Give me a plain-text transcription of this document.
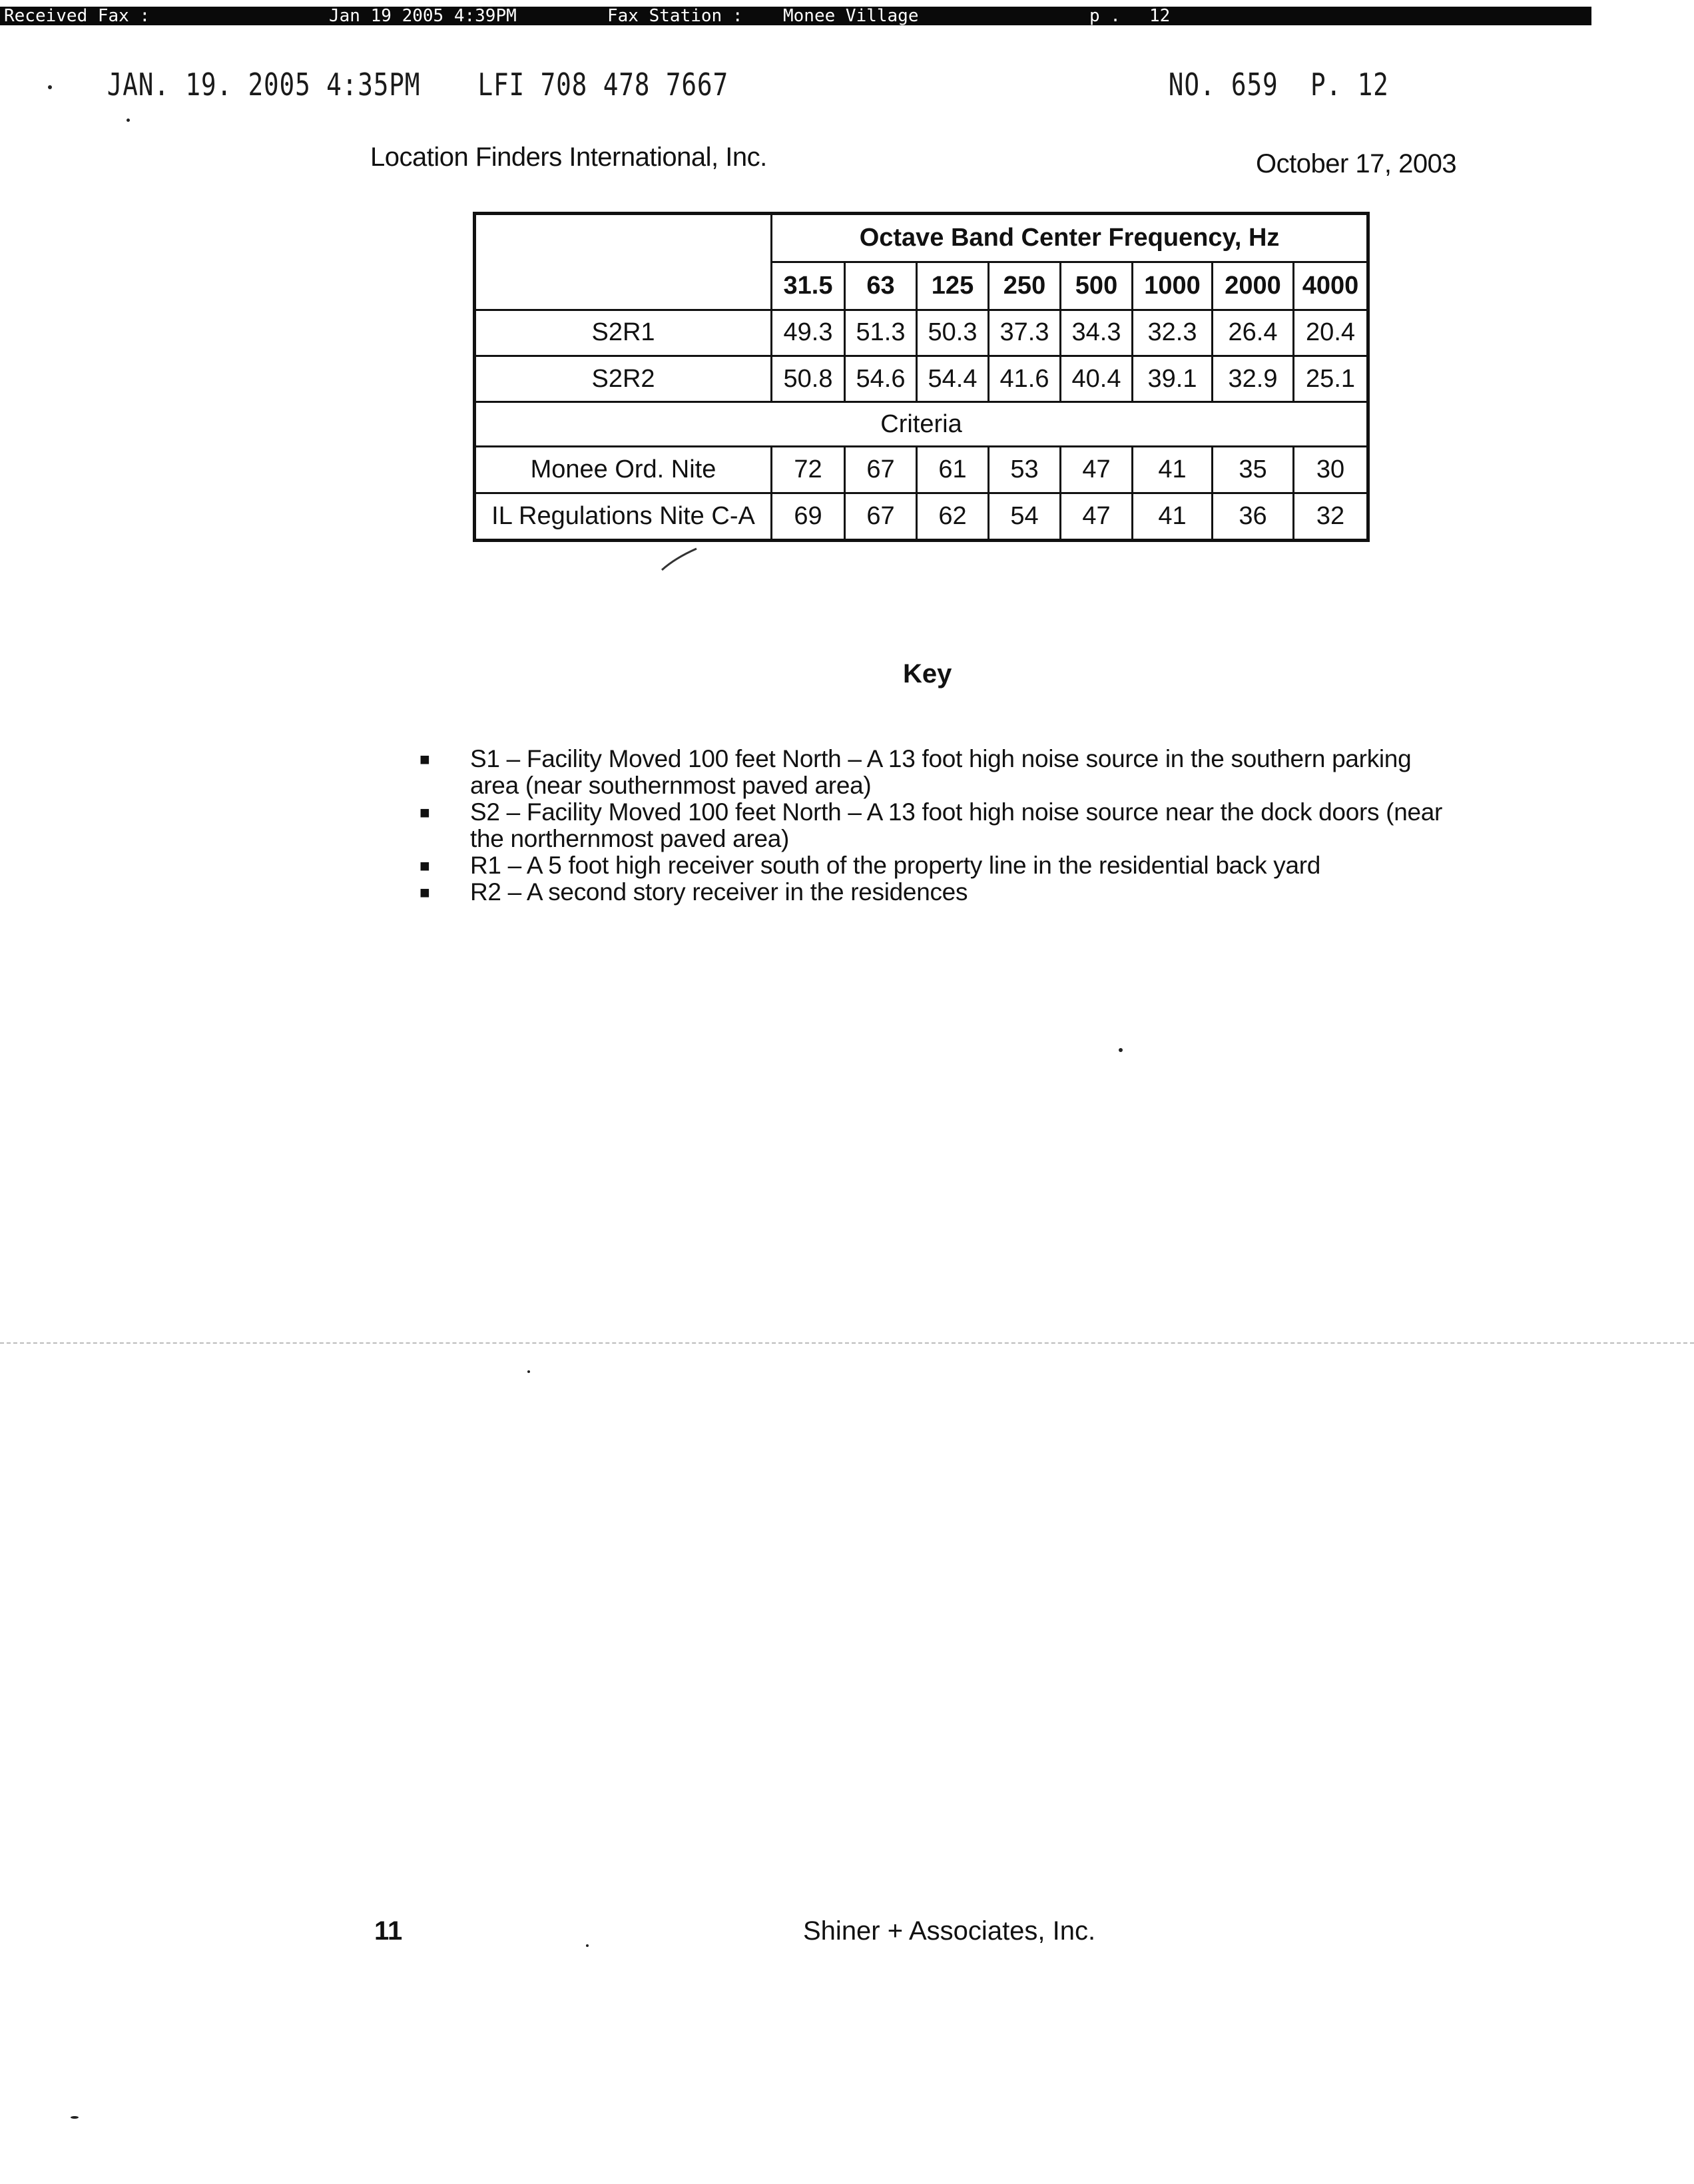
Received Fax :	Jan 19 2005 4:39PM	Fax Station : Monee Village	p . 12
JAN. 19. 2005 4:35PM LFI 708 478 7667	NO. 659 P. 12
Location Finders International, Inc.	October 17, 2003
	Octave Band Center Frequency, Hz							
	31.5	63	125	250	500	1000	2000	4000
S2R1	49.3	51.3	50.3	37.3	34.3	32.3	26.4	20.4
S2R2	50.8	54.6	54.4	41.6	40.4	39.1	32.9	25.1
Criteria								
Monee Ord. Nite	72	67	61	53	47	41	35	30
IL Regulations Nite C-A	69	67	62	54	47	41	36	32
Key
■ S1 – Facility Moved 100 feet North – A 13 foot high noise source in the southern parking area (near southernmost paved area)
■ S2 – Facility Moved 100 feet North – A 13 foot high noise source near the dock doors (near the northernmost paved area)
■ R1 – A 5 foot high receiver south of the property line in the residential back yard
■ R2 – A second story receiver in the residences
11	Shiner + Associates, Inc.
